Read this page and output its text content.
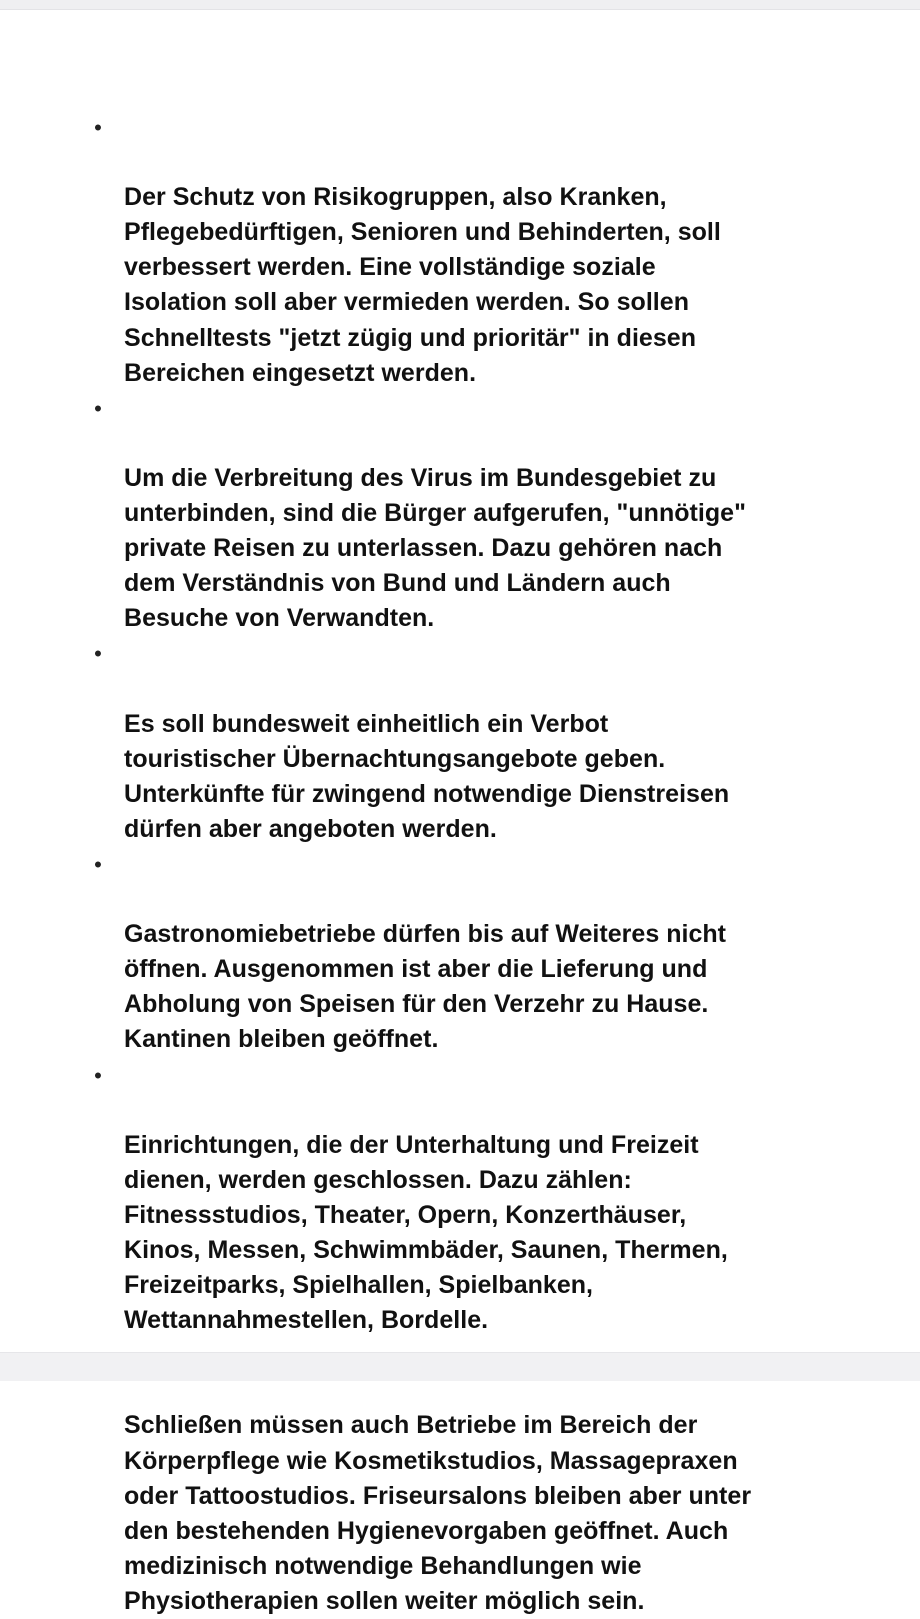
•

Der Schutz von Risikogruppen, also Kranken,
Pflegebedürftigen, Senioren und Behinderten, soll
verbessert werden. Eine vollständige soziale
Isolation soll aber vermieden werden. So sollen
Schnelltests "jetzt zügig und prioritär" in diesen
Bereichen eingesetzt werden.

•

Um die Verbreitung des Virus im Bundesgebiet zu
unterbinden, sind die Bürger aufgerufen, "unnötige"
private Reisen zu unterlassen. Dazu gehören nach
dem Verständnis von Bund und Ländern auch
Besuche von Verwandten.

•

Es soll bundesweit einheitlich ein Verbot
touristischer Übernachtungsangebote geben.
Unterkünfte für zwingend notwendige Dienstreisen
dürfen aber angeboten werden.

•

Gastronomiebetriebe dürfen bis auf Weiteres nicht
öffnen. Ausgenommen ist aber die Lieferung und
Abholung von Speisen für den Verzehr zu Hause.
Kantinen bleiben geöffnet.

•

Einrichtungen, die der Unterhaltung und Freizeit
dienen, werden geschlossen. Dazu zählen:
Fitnessstudios, Theater, Opern, Konzerthäuser,
Kinos, Messen, Schwimmbäder, Saunen, Thermen,
Freizeitparks, Spielhallen, Spielbanken,
Wettannahmestellen, Bordelle.

Schließen müssen auch Betriebe im Bereich der
Körperpflege wie Kosmetikstudios, Massagepraxen
oder Tattoostudios. Friseursalons bleiben aber unter
den bestehenden Hygienevorgaben geöffnet. Auch
medizinisch notwendige Behandlungen wie
Physiotherapien sollen weiter möglich sein.
